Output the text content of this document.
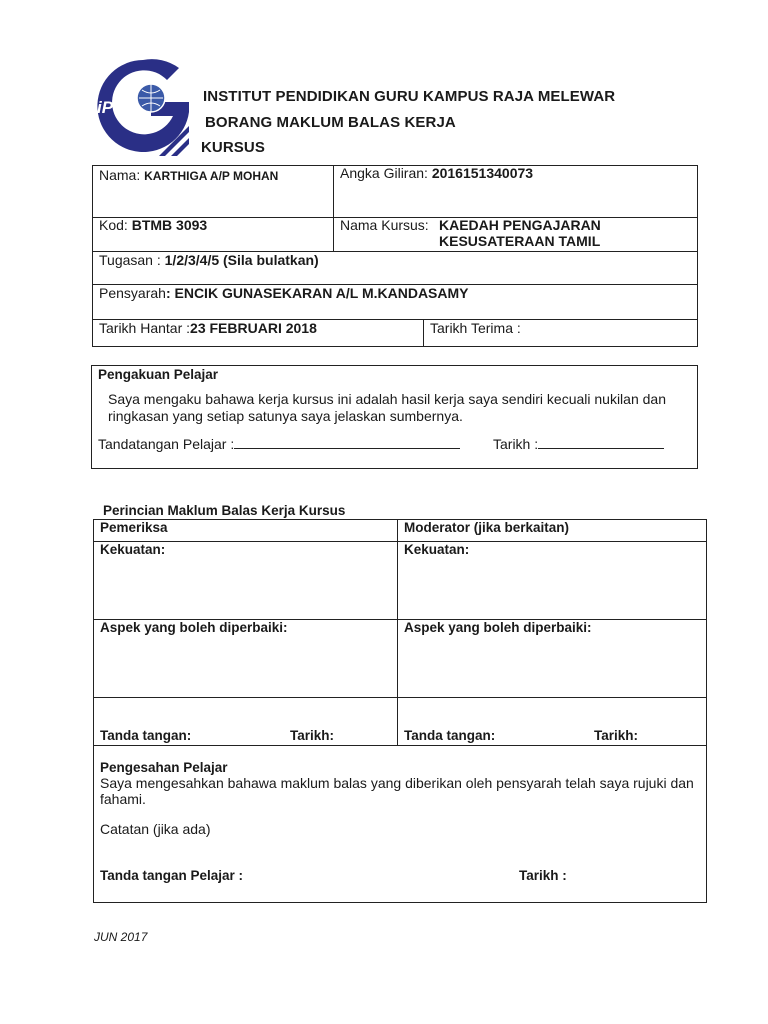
iPG
INSTITUT PENDIDIKAN GURU KAMPUS RAJA MELEWAR
BORANG MAKLUM BALAS KERJA
KURSUS
Nama: KARTHIGA A/P MOHAN	Angka Giliran: 2016151340073
Kod: BTMB 3093	Nama Kursus: KAEDAH PENGAJARAN
KESUSATERAAN TAMIL
Tugasan : 1/2/3/4/5 (Sila bulatkan)
Pensyarah: ENCIK GUNASEKARAN A/L M.KANDASAMY
Tarikh Hantar :23 FEBRUARI 2018	Tarikh Terima :
Pengakuan Pelajar
Saya mengaku bahawa kerja kursus ini adalah hasil kerja saya sendiri kecuali nukilan dan
ringkasan yang setiap satunya saya jelaskan sumbernya.
Tandatangan Pelajar :	Tarikh :
Perincian Maklum Balas Kerja Kursus
Pemeriksa	Moderator (jika berkaitan)
Kekuatan:	Kekuatan:
Aspek yang boleh diperbaiki:	Aspek yang boleh diperbaiki:
Tanda tangan:	Tarikh:	Tanda tangan:	Tarikh:
Pengesahan Pelajar
Saya mengesahkan bahawa maklum balas yang diberikan oleh pensyarah telah saya rujuki dan
fahami.
Catatan (jika ada)
Tanda tangan Pelajar :	Tarikh :
JUN 2017
